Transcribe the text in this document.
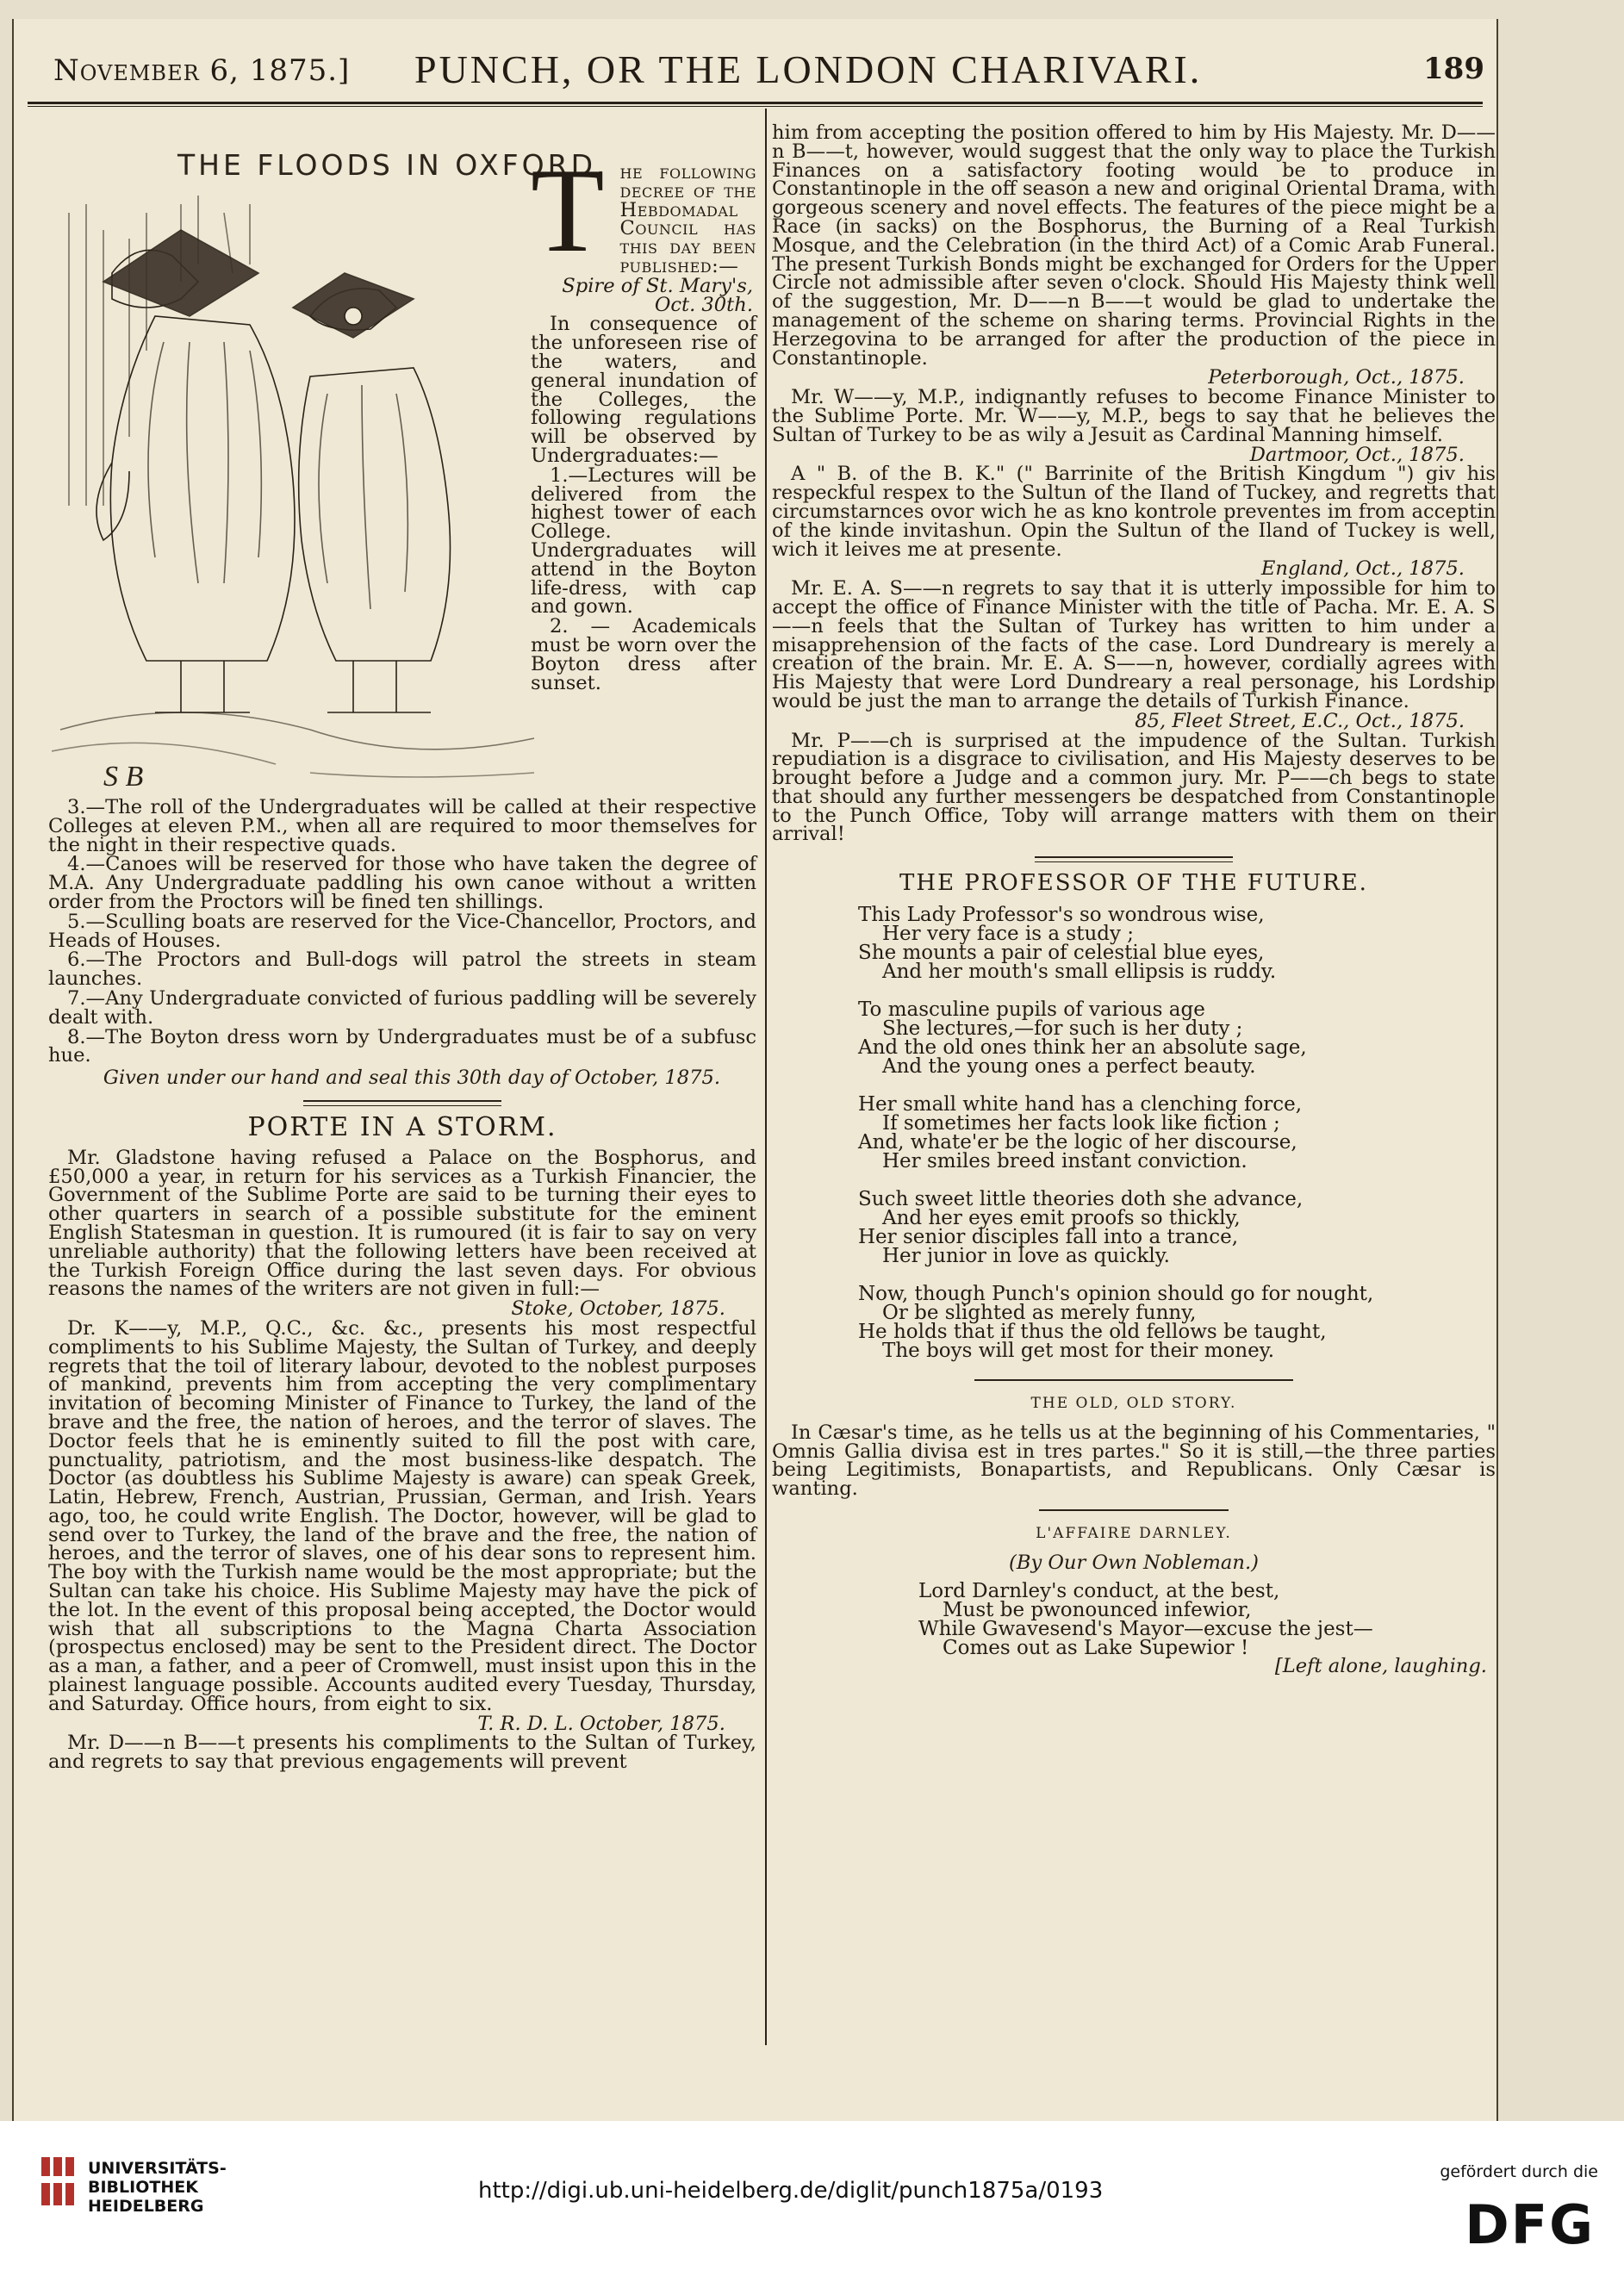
November 6, 1875.] PUNCH, OR THE LONDON CHARIVARI.	189
THE FLOODS IN OXFORD.
S B
T he following decree of the Hebdomadal Council has this day been published:—

Spire of St. Mary's, Oct. 30th.

In consequence of the unforeseen rise of the waters, and general inundation of the Colleges, the following regulations will be observed by Undergraduates:—

1.—Lectures will be delivered from the highest tower of each College. Undergraduates will attend in the Boyton life-dress, with cap and gown.

2. — Academicals must be worn over the Boyton dress after sunset.

3.—The roll of the Undergraduates will be called at their respective Colleges at eleven P.M., when all are required to moor themselves for the night in their respective quads.

4.—Canoes will be reserved for those who have taken the degree of M.A. Any Undergraduate paddling his own canoe without a written order from the Proctors will be fined ten shillings.

5.—Sculling boats are reserved for the Vice-Chancellor, Proctors, and Heads of Houses.

6.—The Proctors and Bull-dogs will patrol the streets in steam launches.

7.—Any Undergraduate convicted of furious paddling will be severely dealt with.

8.—The Boyton dress worn by Undergraduates must be of a subfusc hue.

Given under our hand and seal this 30th day of October, 1875.

PORTE IN A STORM.

Mr. Gladstone having refused a Palace on the Bosphorus, and £50,000 a year, in return for his services as a Turkish Financier, the Government of the Sublime Porte are said to be turning their eyes to other quarters in search of a possible substitute for the eminent English Statesman in question. It is rumoured (it is fair to say on very unreliable authority) that the following letters have been received at the Turkish Foreign Office during the last seven days. For obvious reasons the names of the writers are not given in full:—

Stoke, October, 1875.

Dr. K——y, M.P., Q.C., &c. &c., presents his most respectful compliments to his Sublime Majesty, the Sultan of Turkey, and deeply regrets that the toil of literary labour, devoted to the noblest purposes of mankind, prevents him from accepting the very complimentary invitation of becoming Minister of Finance to Turkey, the land of the brave and the free, the nation of heroes, and the terror of slaves. The Doctor feels that he is eminently suited to fill the post with care, punctuality, patriotism, and the most business-like despatch. The Doctor (as doubtless his Sublime Majesty is aware) can speak Greek, Latin, Hebrew, French, Austrian, Prussian, German, and Irish. Years ago, too, he could write English. The Doctor, however, will be glad to send over to Turkey, the land of the brave and the free, the nation of heroes, and the terror of slaves, one of his dear sons to represent him. The boy with the Turkish name would be the most appropriate; but the Sultan can take his choice. His Sublime Majesty may have the pick of the lot. In the event of this proposal being accepted, the Doctor would wish that all subscriptions to the Magna Charta Association (prospectus enclosed) may be sent to the President direct. The Doctor as a man, a father, and a peer of Cromwell, must insist upon this in the plainest language possible. Accounts audited every Tuesday, Thursday, and Saturday. Office hours, from eight to six.

T. R. D. L. October, 1875.

Mr. D——n B——t presents his compliments to the Sultan of Turkey, and regrets to say that previous engagements will prevent

him from accepting the position offered to him by His Majesty. Mr. D——n B——t, however, would suggest that the only way to place the Turkish Finances on a satisfactory footing would be to produce in Constantinople in the off season a new and original Oriental Drama, with gorgeous scenery and novel effects. The features of the piece might be a Race (in sacks) on the Bosphorus, the Burning of a Real Turkish Mosque, and the Celebration (in the third Act) of a Comic Arab Funeral. The present Turkish Bonds might be exchanged for Orders for the Upper Circle not admissible after seven o'clock. Should His Majesty think well of the suggestion, Mr. D——n B——t would be glad to undertake the management of the scheme on sharing terms. Provincial Rights in the Herzegovina to be arranged for after the production of the piece in Constantinople.

Peterborough, Oct., 1875.

Mr. W——y, M.P., indignantly refuses to become Finance Minister to the Sublime Porte. Mr. W——y, M.P., begs to say that he believes the Sultan of Turkey to be as wily a Jesuit as Cardinal Manning himself.

Dartmoor, Oct., 1875.

A " B. of the B. K." (" Barrinite of the British Kingdum ") giv his respeckful respex to the Sultun of the Iland of Tuckey, and regretts that circumstarnces ovor wich he as kno kontrole preventes im from acceptin of the kinde invitashun. Opin the Sultun of the Iland of Tuckey is well, wich it leives me at presente.

England, Oct., 1875.

Mr. E. A. S——n regrets to say that it is utterly impossible for him to accept the office of Finance Minister with the title of Pacha. Mr. E. A. S——n feels that the Sultan of Turkey has written to him under a misapprehension of the facts of the case. Lord Dundreary is merely a creation of the brain. Mr. E. A. S——n, however, cordially agrees with His Majesty that were Lord Dundreary a real personage, his Lordship would be just the man to arrange the details of Turkish Finance.

85, Fleet Street, E.C., Oct., 1875.

Mr. P——ch is surprised at the impudence of the Sultan. Turkish repudiation is a disgrace to civilisation, and His Majesty deserves to be brought before a Judge and a common jury. Mr. P——ch begs to state that should any further messengers be despatched from Constantinople to the Punch Office, Toby will arrange matters with them on their arrival!

THE PROFESSOR OF THE FUTURE.
This Lady Professor's so wondrous wise,
Her very face is a study ;
She mounts a pair of celestial blue eyes,
And her mouth's small ellipsis is ruddy.
To masculine pupils of various age
She lectures,—for such is her duty ;
And the old ones think her an absolute sage,
And the young ones a perfect beauty.
Her small white hand has a clenching force,
If sometimes her facts look like fiction ;
And, whate'er be the logic of her discourse,
Her smiles breed instant conviction.
Such sweet little theories doth she advance,
And her eyes emit proofs so thickly,
Her senior disciples fall into a trance,
Her junior in love as quickly.
Now, though Punch's opinion should go for nought,
Or be slighted as merely funny,
He holds that if thus the old fellows be taught,
The boys will get most for their money.
THE OLD, OLD STORY.

In Cæsar's time, as he tells us at the beginning of his Commentaries, " Omnis Gallia divisa est in tres partes." So it is still,—the three parties being Legitimists, Bonapartists, and Republicans. Only Cæsar is wanting.

L'AFFAIRE DARNLEY.
(By Our Own Nobleman.)
Lord Darnley's conduct, at the best,
Must be pwonounced infewior,
While Gwavesend's Mayor—excuse the jest—
Comes out as Lake Supewior !
[Left alone, laughing.
UNIVERSITÄTS-
BIBLIOTHEK
HEIDELBERG
http://digi.ub.uni-heidelberg.de/diglit/punch1875a/0193
gefördert durch die
DFG
